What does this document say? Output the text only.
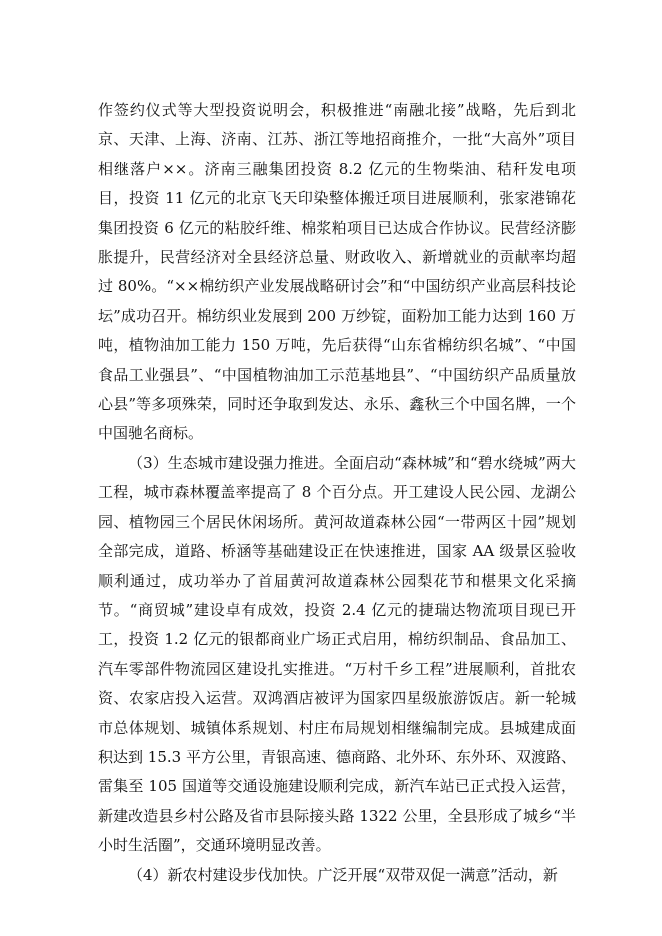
作签约仪式等大型投资说明会，积极推进“南融北接”战略，先后到北京、天津、上海、济南、江苏、浙江等地招商推介，一批“大高外”项目相继落户××。济南三融集团投资 8.2 亿元的生物柴油、秸秆发电项目，投资 11 亿元的北京飞天印染整体搬迁项目进展顺利，张家港锦花集团投资 6 亿元的粘胶纤维、棉浆粕项目已达成合作协议。民营经济膨胀提升，民营经济对全县经济总量、财政收入、新增就业的贡献率均超过 80%。“××棉纺织产业发展战略研讨会”和“中国纺织产业高层科技论坛”成功召开。棉纺织业发展到 200 万纱锭，面粉加工能力达到 160 万吨，植物油加工能力 150 万吨，先后获得“山东省棉纺织名城”、“中国食品工业强县”、“中国植物油加工示范基地县”、“中国纺织产品质量放心县”等多项殊荣，同时还争取到发达、永乐、鑫秋三个中国名牌，一个中国驰名商标。

（3）生态城市建设强力推进。全面启动“森林城”和“碧水绕城”两大工程，城市森林覆盖率提高了 8 个百分点。开工建设人民公园、龙湖公园、植物园三个居民休闲场所。黄河故道森林公园“一带两区十园”规划全部完成，道路、桥涵等基础建设正在快速推进，国家 AA 级景区验收顺利通过，成功举办了首届黄河故道森林公园梨花节和椹果文化采摘节。“商贸城”建设卓有成效，投资 2.4 亿元的捷瑞达物流项目现已开工，投资 1.2 亿元的银都商业广场正式启用，棉纺织制品、食品加工、汽车零部件物流园区建设扎实推进。“万村千乡工程”进展顺利，首批农资、农家店投入运营。双鸿酒店被评为国家四星级旅游饭店。新一轮城市总体规划、城镇体系规划、村庄布局规划相继编制完成。县城建成面积达到 15.3 平方公里，青银高速、德商路、北外环、东外环、双渡路、雷集至 105 国道等交通设施建设顺利完成，新汽车站已正式投入运营，新建改造县乡村公路及省市县际接头路 1322 公里，全县形成了城乡“半小时生活圈”，交通环境明显改善。

（4）新农村建设步伐加快。广泛开展“双带双促一满意”活动，新
